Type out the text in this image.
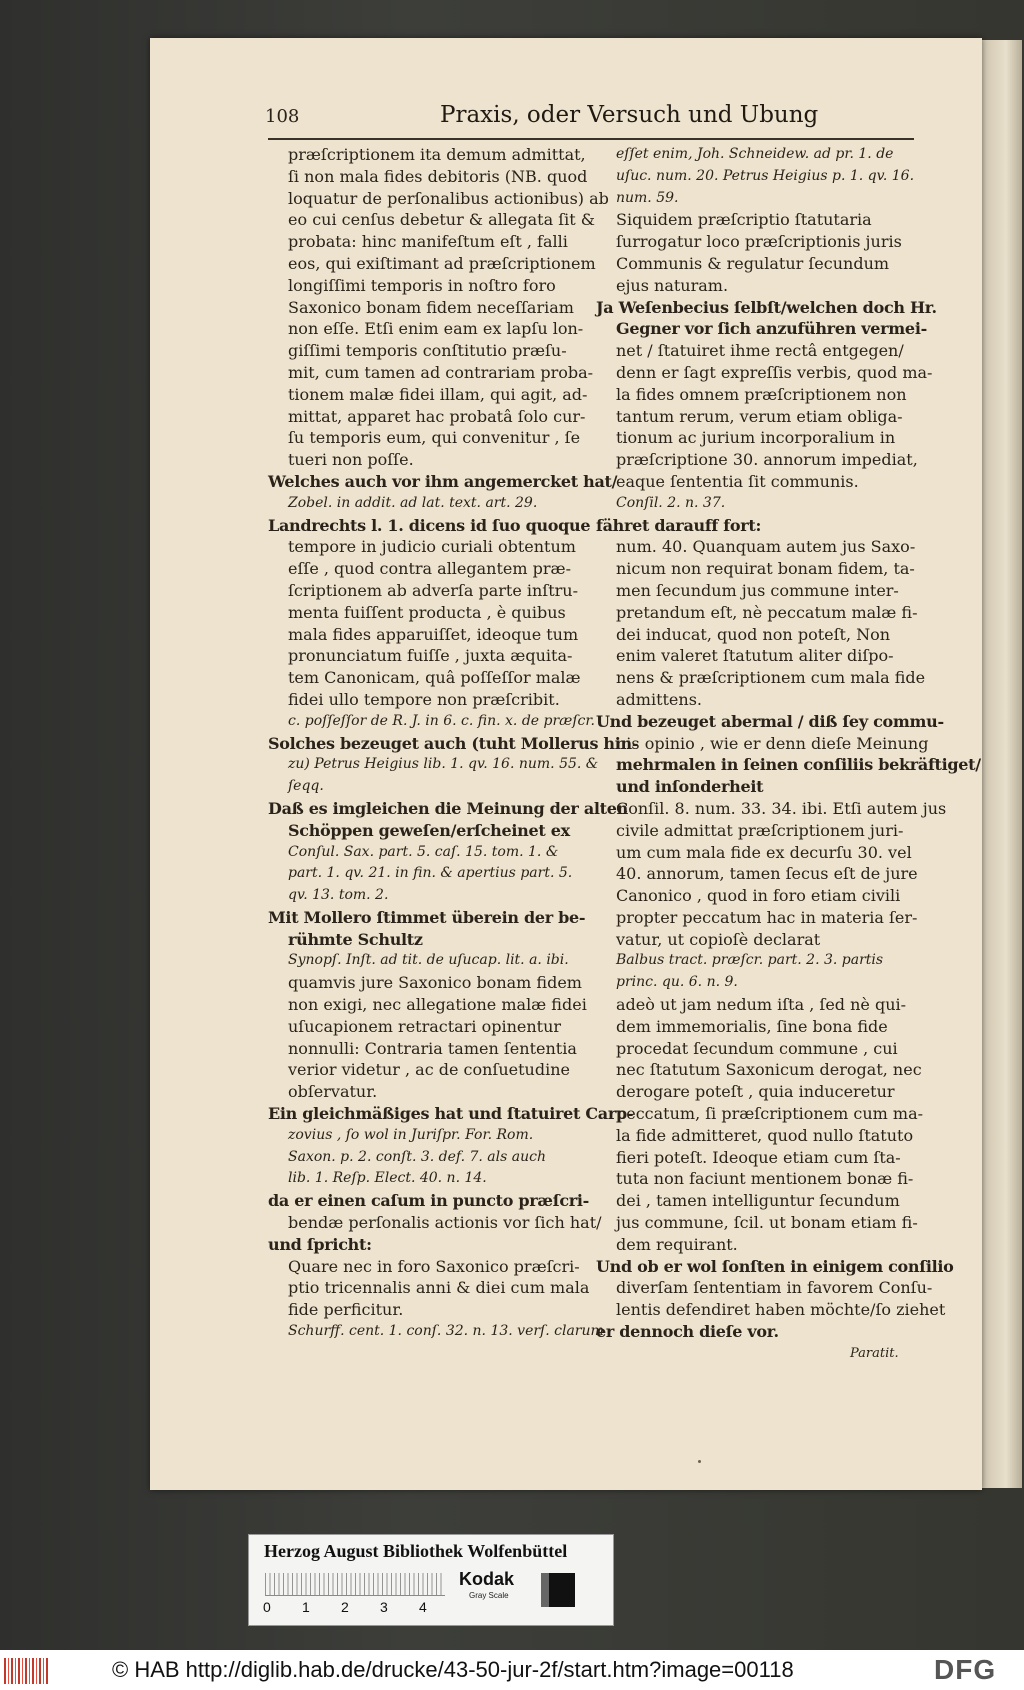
108	Praxis, oder Versuch und Ubung
præſcriptionem ita demum admittat,
ſi non mala fides debitoris (NB. quod
loquatur de perſonalibus actionibus) ab
eo cui cenſus debetur & allegata ſit &
probata: hinc manifeſtum eſt , falli
eos, qui exiſtimant ad præſcriptionem
longiſſimi temporis in noſtro foro
Saxonico bonam fidem neceſſariam
non eſſe. Etſi enim eam ex lapſu lon-
giſſimi temporis conſtitutio præſu-
mit, cum tamen ad contrariam proba-
tionem malæ fidei illam, qui agit, ad-
mittat, apparet hac probatâ ſolo cur-
ſu temporis eum, qui convenitur , ſe
tueri non poſſe.
Welches auch vor ihm angemercket hat/
Zobel. in addit. ad lat. text. art. 29.
Landrechts l. 1. dicens id ſuo quoque
tempore in judicio curiali obtentum
eſſe , quod contra allegantem præ-
ſcriptionem ab adverſa parte inſtru-
menta fuiſſent producta , è quibus
mala fides apparuiſſet, ideoque tum
pronunciatum fuiſſe , juxta æquita-
tem Canonicam, quâ poſſeſſor malæ
fidei ullo tempore non præſcribit.
c. poſſeſſor de R. J. in 6. c. fin. x. de præſcr.
Solches bezeuget auch (tuht Mollerus hin-
zu) Petrus Heigius lib. 1. qv. 16. num. 55. &
ſeqq.
Daß es imgleichen die Meinung der alten
Schöppen geweſen/erſcheinet ex
Conſul. Sax. part. 5. caſ. 15. tom. 1. &
part. 1. qv. 21. in fin. & apertius part. 5.
qv. 13. tom. 2.
Mit Mollero ſtimmet überein der be-
rühmte Schultz
Synopſ. Inſt. ad tit. de uſucap. lit. a. ibi.
quamvis jure Saxonico bonam fidem
non exigi, nec allegatione malæ fidei
uſucapionem retractari opinentur
nonnulli: Contraria tamen ſententia
verior videtur , ac de conſuetudine
obſervatur.
Ein gleichmäßiges hat und ſtatuiret Carp-
zovius , ſo wol in Juriſpr. For. Rom.
Saxon. p. 2. conſt. 3. def. 7. als auch
lib. 1. Reſp. Elect. 40. n. 14.
da er einen caſum in puncto præſcri-
bendæ perſonalis actionis vor ſich hat/
und ſpricht:
Quare nec in foro Saxonico præſcri-
ptio tricennalis anni & diei cum mala
fide perficitur.
Schurff. cent. 1. conſ. 32. n. 13. verſ. clarum
eſſet enim, Joh. Schneidew. ad pr. 1. de
uſuc. num. 20. Petrus Heigius p. 1. qv. 16.
num. 59.
Siquidem præſcriptio ſtatutaria
ſurrogatur loco præſcriptionis juris
Communis & regulatur ſecundum
ejus naturam.
Ja Weſenbecius ſelbſt/welchen doch Hr.
Gegner vor ſich anzuführen vermei-
net / ſtatuiret ihme rectâ entgegen/
denn er ſagt expreſſis verbis, quod ma-
la fides omnem præſcriptionem non
tantum rerum, verum etiam obliga-
tionum ac jurium incorporalium in
præſcriptione 30. annorum impediat,
eaque ſententia ſit communis.
Conſil. 2. n. 37.
fähret darauff fort:
num. 40. Quanquam autem jus Saxo-
nicum non requirat bonam fidem, ta-
men ſecundum jus commune inter-
pretandum eſt, nè peccatum malæ fi-
dei inducat, quod non poteſt, Non
enim valeret ſtatutum aliter diſpo-
nens & præſcriptionem cum mala fide
admittens.
Und bezeuget abermal / diß ſey commu-
nis opinio , wie er denn dieſe Meinung
mehrmalen in ſeinen conſiliis bekräftiget/
und inſonderheit
Conſil. 8. num. 33. 34. ibi. Etſi autem jus
civile admittat præſcriptionem juri-
um cum mala fide ex decurſu 30. vel
40. annorum, tamen ſecus eſt de jure
Canonico , quod in foro etiam civili
propter peccatum hac in materia ſer-
vatur, ut copioſè declarat
Balbus tract. præſcr. part. 2. 3. partis
princ. qu. 6. n. 9.
adeò ut jam nedum iſta , ſed nè qui-
dem immemorialis, ſine bona fide
procedat ſecundum commune , cui
nec ſtatutum Saxonicum derogat, nec
derogare poteſt , quia induceretur
peccatum, ſi præſcriptionem cum ma-
la fide admitteret, quod nullo ſtatuto
fieri poteſt. Ideoque etiam cum ſta-
tuta non faciunt mentionem bonæ fi-
dei , tamen intelliguntur ſecundum
jus commune, ſcil. ut bonam etiam fi-
dem requirant.
Und ob er wol ſonſten in einigem conſilio
diverſam ſententiam in favorem Conſu-
lentis defendiret haben möchte/ſo ziehet
er dennoch dieſe vor.
Paratit.
Herzog August Bibliothek Wolfenbüttel
0 1 2 3 4
Kodak
Gray Scale
© HAB http://diglib.hab.de/drucke/43-50-jur-2f/start.htm?image=00118	DFG
